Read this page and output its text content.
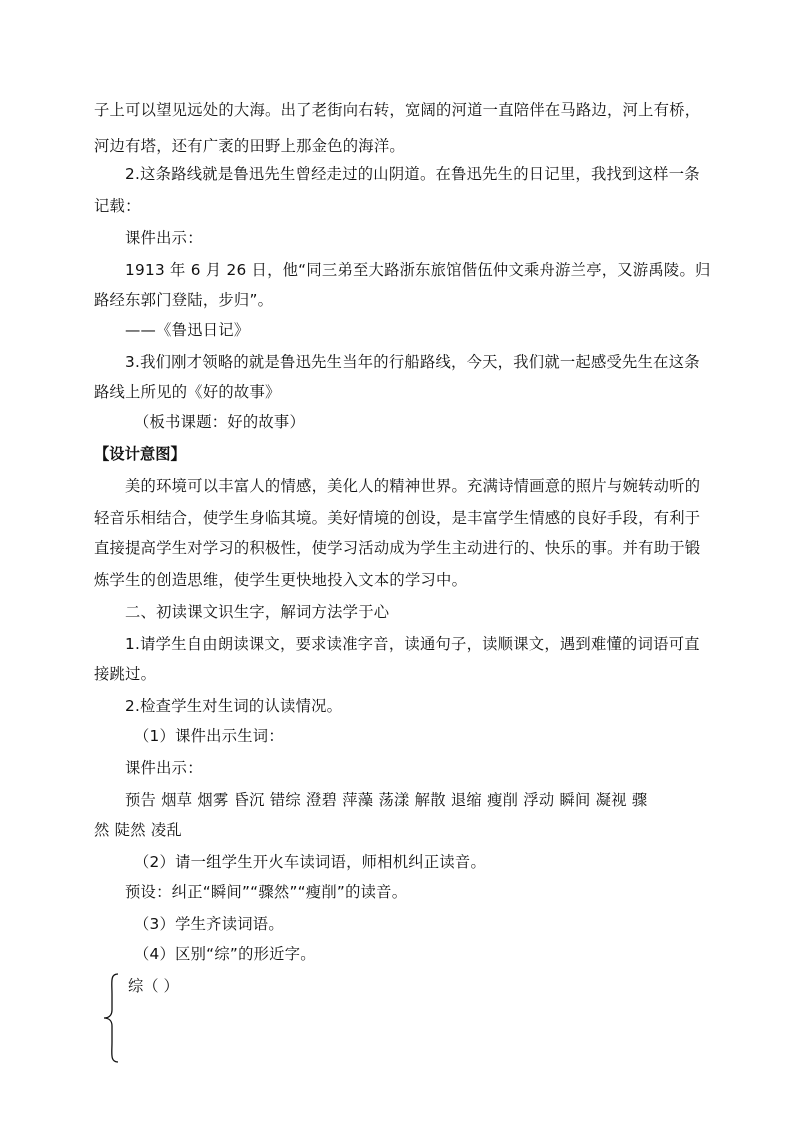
子上可以望见远处的大海。出了老街向右转，宽阔的河道一直陪伴在马路边，河上有桥，
河边有塔，还有广袤的田野上那金色的海洋。
2.这条路线就是鲁迅先生曾经走过的山阴道。在鲁迅先生的日记里，我找到这样一条
记载：
课件出示：
1913 年 6 月 26 日，他“同三弟至大路浙东旅馆偕伍仲文乘舟游兰亭，又游禹陵。归
路经东郭门登陆，步归”。
——《鲁迅日记》
3.我们刚才领略的就是鲁迅先生当年的行船路线，今天，我们就一起感受先生在这条
路线上所见的《好的故事》
（板书课题：好的故事）
【设计意图】
美的环境可以丰富人的情感，美化人的精神世界。充满诗情画意的照片与婉转动听的
轻音乐相结合，使学生身临其境。美好情境的创设，是丰富学生情感的良好手段，有利于
直接提高学生对学习的积极性，使学习活动成为学生主动进行的、快乐的事。并有助于锻
炼学生的创造思维，使学生更快地投入文本的学习中。
二、初读课文识生字，解词方法学于心
1.请学生自由朗读课文，要求读准字音，读通句子，读顺课文，遇到难懂的词语可直
接跳过。
2.检查学生对生词的认读情况。
（1）课件出示生词：
课件出示：
预告 烟草 烟雾 昏沉 错综 澄碧 萍藻 荡漾 解散 退缩 瘦削 浮动 瞬间 凝视 骤
然 陡然 凌乱
（2）请一组学生开火车读词语，师相机纠正读音。
预设：纠正“瞬间”“骤然”“瘦削”的读音。
（3）学生齐读词语。
（4）区别“综”的形近字。
综（ ）
